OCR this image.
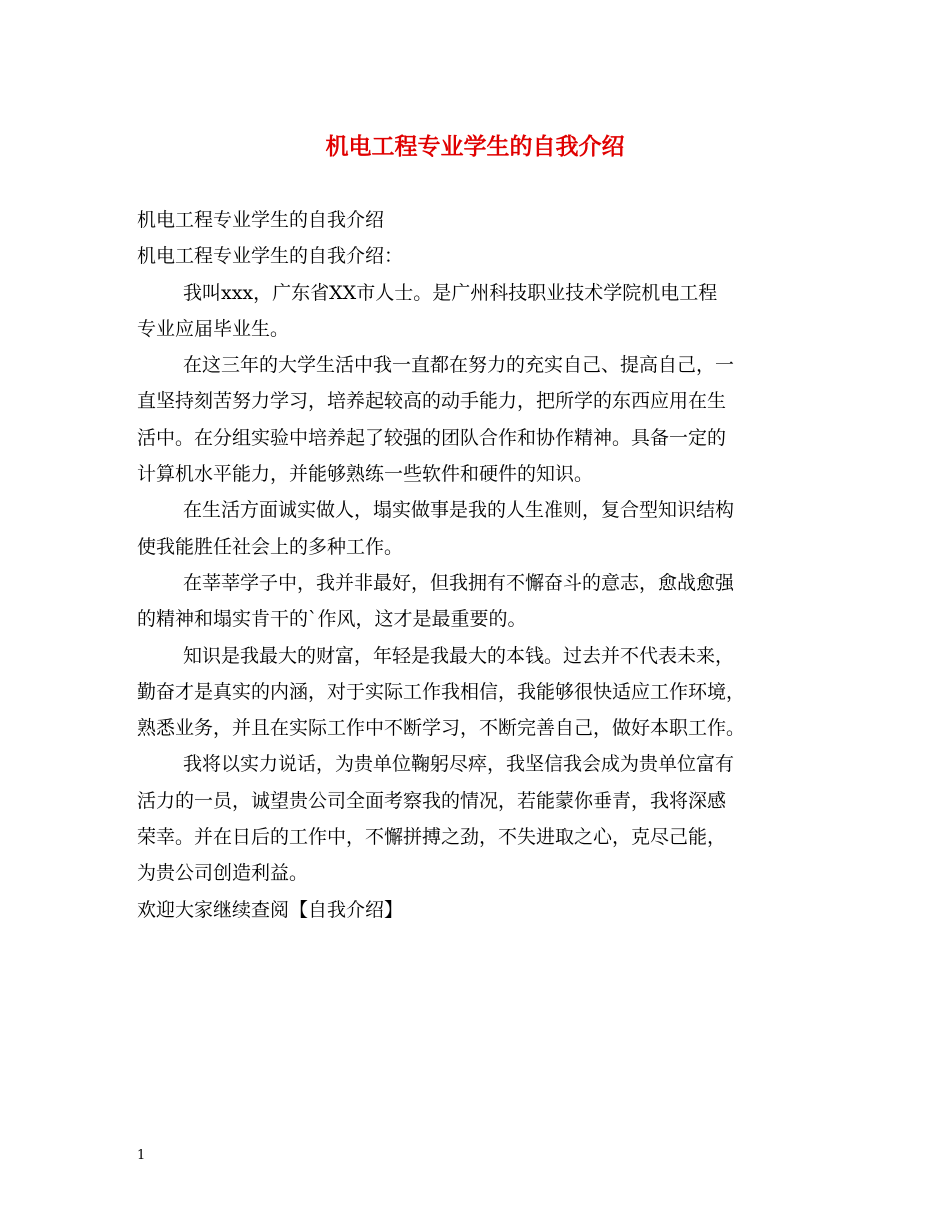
机电工程专业学生的自我介绍
机电工程专业学生的自我介绍
机电工程专业学生的自我介绍：
我叫xxx，广东省XX市人士。是广州科技职业技术学院机电工程
专业应届毕业生。
在这三年的大学生活中我一直都在努力的充实自己、提高自己，一
直坚持刻苦努力学习，培养起较高的动手能力，把所学的东西应用在生
活中。在分组实验中培养起了较强的团队合作和协作精神。具备一定的
计算机水平能力，并能够熟练一些软件和硬件的知识。
在生活方面诚实做人，塌实做事是我的人生准则，复合型知识结构
使我能胜任社会上的多种工作。
在莘莘学子中，我并非最好，但我拥有不懈奋斗的意志，愈战愈强
的精神和塌实肯干的`作风，这才是最重要的。
知识是我最大的财富，年轻是我最大的本钱。过去并不代表未来，
勤奋才是真实的内涵，对于实际工作我相信，我能够很快适应工作环境，
熟悉业务，并且在实际工作中不断学习，不断完善自己，做好本职工作。
我将以实力说话，为贵单位鞠躬尽瘁，我坚信我会成为贵单位富有
活力的一员，诚望贵公司全面考察我的情况，若能蒙你垂青，我将深感
荣幸。并在日后的工作中，不懈拼搏之劲，不失进取之心，克尽己能，
为贵公司创造利益。
欢迎大家继续查阅【自我介绍】
1
